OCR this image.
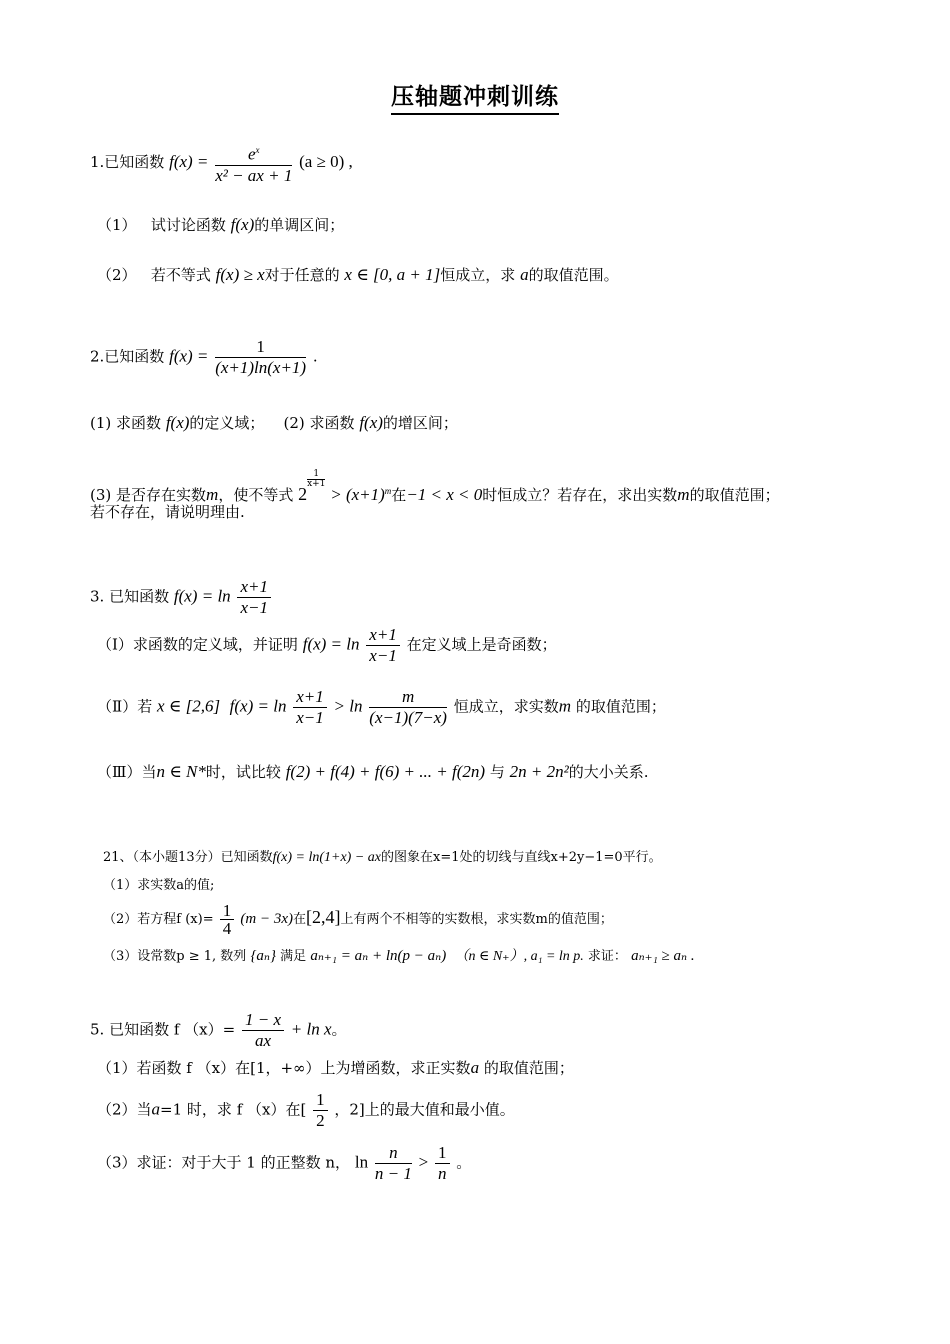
压轴题冲刺训练
1.已知函数 $f(x) = \frac{e^x}{\text{x² − ax + 1}} (a \ge 0)$ ,
（1） 试讨论函数 f(x)的单调区间；
（2） 若不等式 f(x) ≥ x对于任意的 x ∈ [0, a + 1]恒成立，求 a的取值范围。
2.已知函数 $f(x) = \frac{1}{(x+1)\ln(x+1)}$ .
(1) 求函数 f(x)的定义域； (2) 求函数 f(x)的增区间；
(3) 是否存在实数m，使不等式 2
$\frac{1}{x+1}$
> $(x+1)^m$在−1 < x < 0时恒成立？若存在，求出实数m的取值范围；
若不存在，请说明理由.
3. 已知函数 $f(x) = \ln \frac{x+1}{x-1}$
（Ⅰ）求函数的定义域，并证明 $f(x) = \ln \frac{x+1}{x-1}$ 在定义域上是奇函数；
（Ⅱ）若 x ∈ [2,6] $f(x) = \ln \frac{x+1}{x-1} > \ln \frac{m}{(x-1)(7-x)}$ 恒成立，求实数m 的取值范围；
（Ⅲ）当n ∈ N*时，试比较 f(2) + f(4) + f(6) + ... + f(2n) 与 2n + 2n²的大小关系.
21、（本小题13分）已知函数f(x) = ln(1+x) − ax的图象在x=1处的切线与直线x+2y−1=0平行。
（1）求实数a的值;
（2）若方程f $(x)= \frac{1}{4} (m - 3x)$在[2,4]上有两个不相等的实数根，求实数m的值范围；
（3）设常数p ≥ 1, 数列 {aₙ} 满足 aₙ₊₁ = aₙ + ln(p − aₙ) （n ∈ N₊）, a₁ = ln p. 求证： aₙ₊₁ ≥ aₙ .
5. 已知函数 f $(x)= \frac{1 - x}{ax} + \ln x$。
（1）若函数 f （x）在[1，+∞）上为增函数，求正实数a 的取值范围；
（2）当a=1 时，求 f （x）在[ $\frac{1}{2}$ ，2]上的最大值和最小值。
（3）求证：对于大于 1 的正整数 n， $\ln \frac{n}{n - 1} > \frac{1}{n}$ 。
